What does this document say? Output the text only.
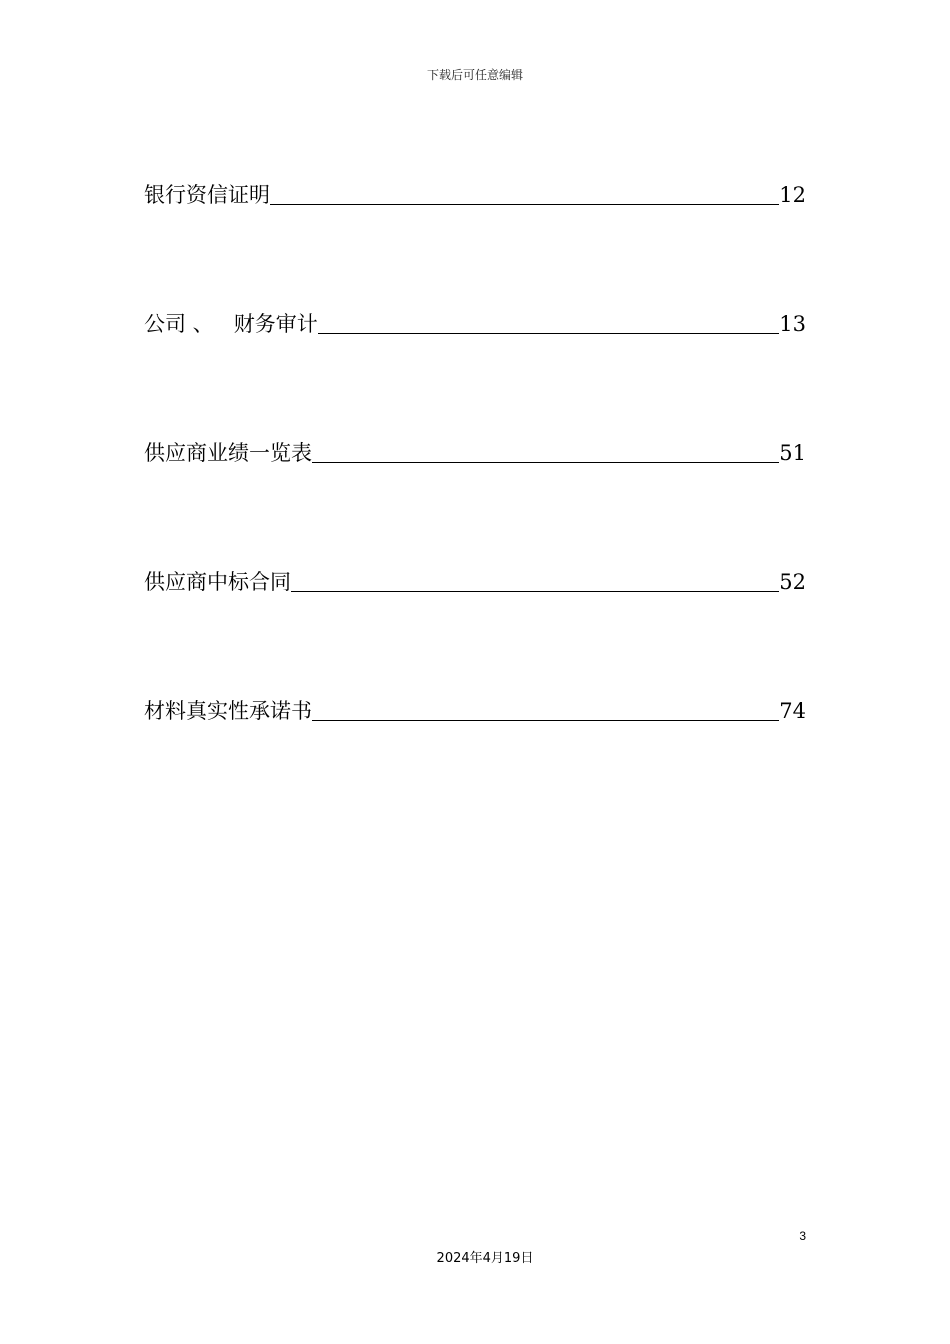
下载后可任意编辑
银行资信证明	12
公司 、   财务审计	13
供应商业绩一览表	51
供应商中标合同	52
材料真实性承诺书	74
3
2024年4月19日
